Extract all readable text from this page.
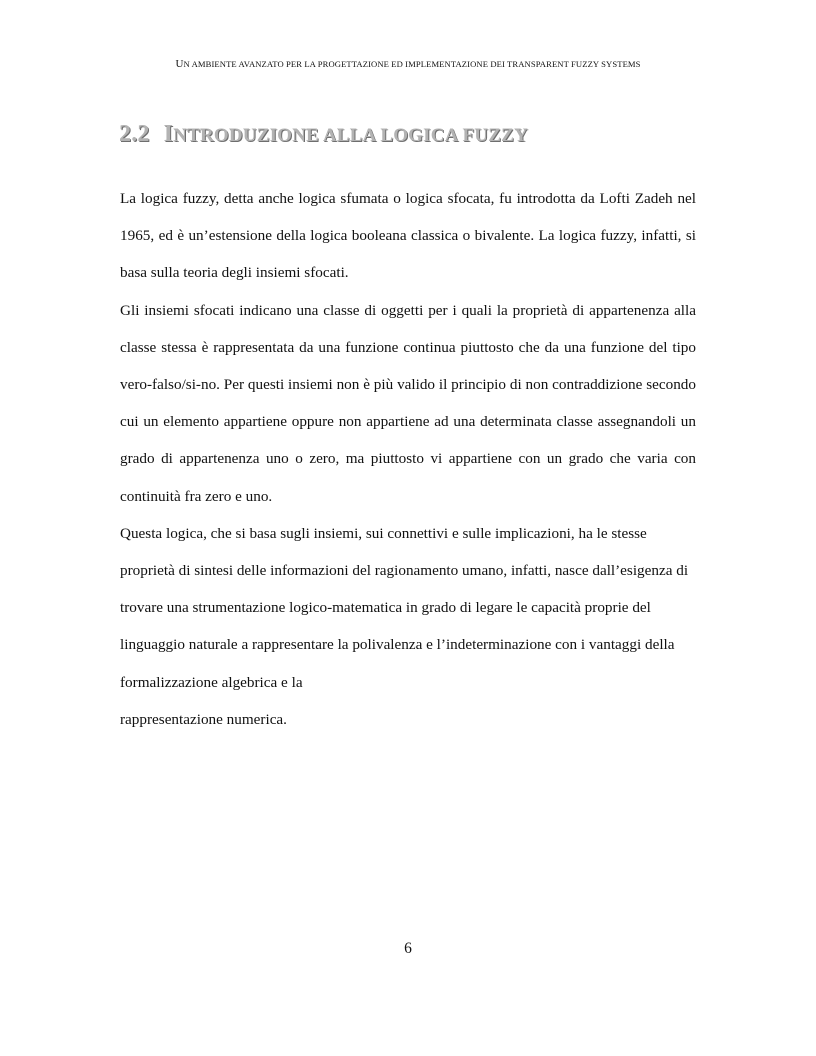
UN AMBIENTE AVANZATO PER LA PROGETTAZIONE ED IMPLEMENTAZIONE DEI TRANSPARENT FUZZY SYSTEMS
2.2 INTRODUZIONE ALLA LOGICA FUZZY

La logica fuzzy, detta anche logica sfumata o logica sfocata, fu introdotta da Lofti Zadeh nel 1965, ed è un’estensione della logica booleana classica o bivalente. La logica fuzzy, infatti, si basa sulla teoria degli insiemi sfocati.

Gli insiemi sfocati indicano una classe di oggetti per i quali la proprietà di appartenenza alla classe stessa è rappresentata da una funzione continua piuttosto che da una funzione del tipo vero-falso/si-no. Per questi insiemi non è più valido il principio di non contraddizione secondo cui un elemento appartiene oppure non appartiene ad una determinata classe assegnandoli un grado di appartenenza uno o zero, ma piuttosto vi appartiene con un grado che varia con continuità fra zero e uno.

Questa logica, che si basa sugli insiemi, sui connettivi e sulle implicazioni, ha le stesse proprietà di sintesi delle informazioni del ragionamento umano, infatti, nasce dall’esigenza di trovare una strumentazione logico-matematica in grado di legare le capacità proprie del linguaggio naturale a rappresentare la polivalenza e l’indeterminazione con i vantaggi della formalizzazione algebrica e la

rappresentazione numerica.

6
